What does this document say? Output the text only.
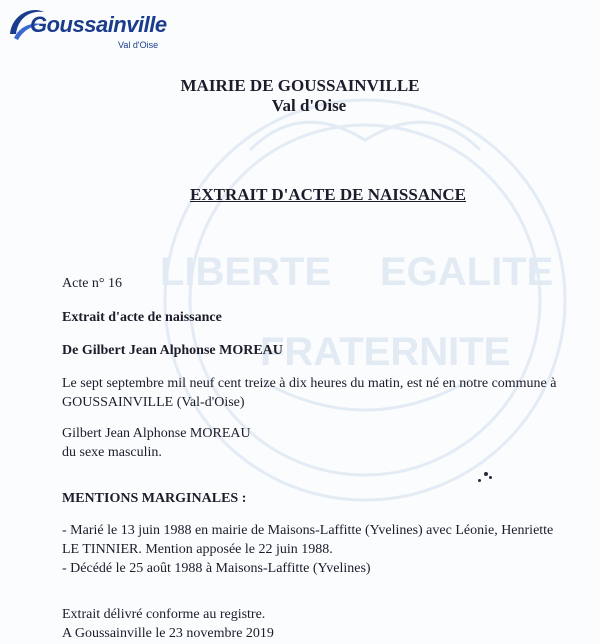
LIBERTE EGALITE
FRATERNITE
Goussainville
Val d'Oise
MAIRIE DE GOUSSAINVILLE
Val d'Oise
EXTRAIT D'ACTE DE NAISSANCE
Acte n° 16
Extrait d'acte de naissance
De Gilbert Jean Alphonse MOREAU
Le sept septembre mil neuf cent treize à dix heures du matin, est né en notre commune à
GOUSSAINVILLE (Val-d'Oise)
Gilbert Jean Alphonse MOREAU
du sexe masculin.
MENTIONS MARGINALES :
- Marié le 13 juin 1988 en mairie de Maisons-Laffitte (Yvelines) avec Léonie, Henriette
LE TINNIER. Mention apposée le 22 juin 1988.
- Décédé le 25 août 1988 à Maisons-Laffitte (Yvelines)
Extrait délivré conforme au registre.
A Goussainville le 23 novembre 2019
